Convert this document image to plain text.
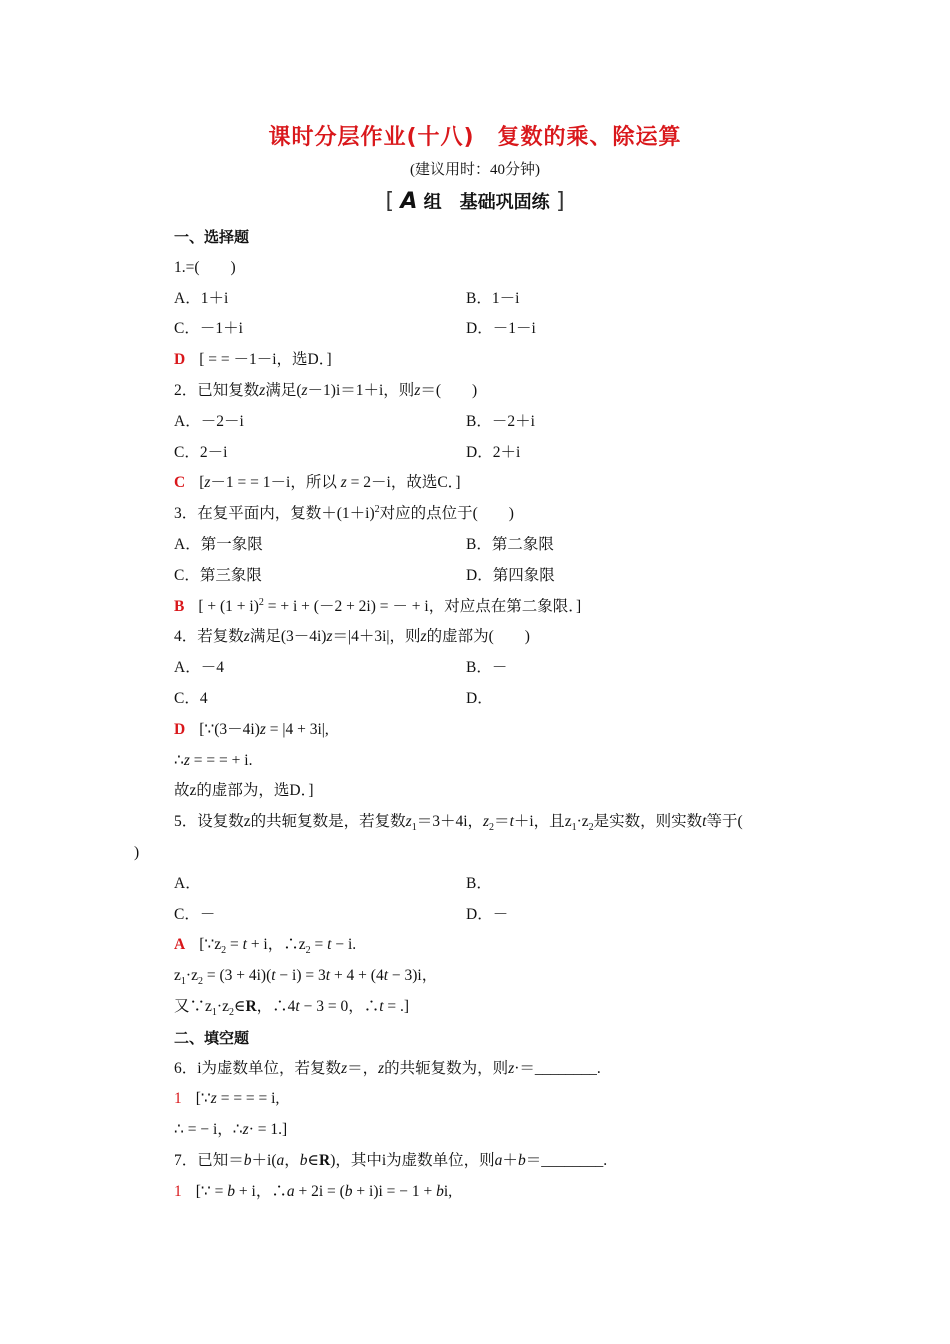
课时分层作业(十八)　复数的乘、除运算
(建议用时：40分钟)
[ A 组　基础巩固练 ]
一、选择题
1.=(　　)
A．1＋i	B．1－i
C．－1＋i	D．－1－i
D [ = = －1－i，选D．]
2．已知复数z满足(z－1)i＝1＋i，则z＝(　　)
A．－2－i	B．－2＋i
C．2－i	D．2＋i
C [z－1 = = 1－i，所以 z = 2－i，故选C．]
3．在复平面内，复数$+(1+i)^2$对应的点位于(　　)
A．第一象限	B．第二象限
C．第三象限	D．第四象限
B [ + $(1 + i)^2$ = + i + (－2 + 2i) = － + i，对应点在第二象限．]
4．若复数z满足(3－4i)z＝|4＋3i|，则z的虚部为(　　)
A．－4	B．－
C．4	D．
D [∵(3－4i)z = |4 + 3i|,
∴z = = = + i.
故z的虚部为，选D．]
5．设复数z的共轭复数是，若复数$z_1=3+4i$，$z_2=t+i$，且$z_1\cdot z_2$是实数，则实数t等于(
)
A．	B．
C．－	D．－
A [$\because z_2 = t + i$，$\therefore z_2 = t - i$.
$z_1\cdot z_2 = (3 + 4i)(t - i) = 3t + 4 + (4t - 3)i$，
又$\because z_1\cdot z_2\in R$，∴4t − 3 = 0，∴t = .]
二、填空题
6．i为虚数单位，若复数z＝，z的共轭复数为，则z·＝________.
1 [∵z = = = = i,
∴ = − i，∴z· = 1.]
7．已知＝b＋i(a，b∈R)，其中i为虚数单位，则a＋b＝________.
1 [∵ = b + i，∴a + 2i = (b + i)i = − 1 + bi,
